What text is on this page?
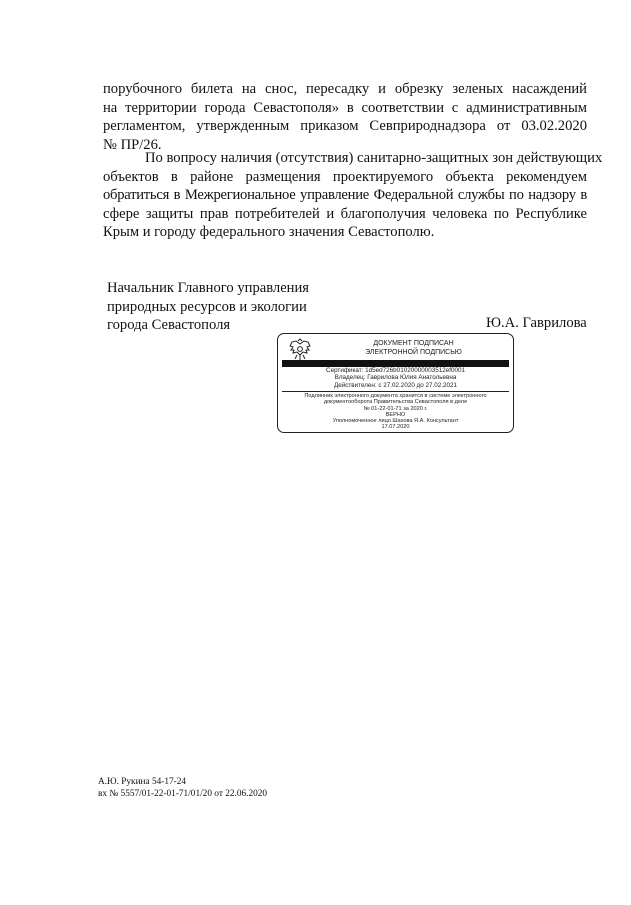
порубочного билета на снос, пересадку и обрезку зеленых насаждений
на территории города Севастополя» в соответствии с административным
регламентом, утвержденным приказом Севприроднадзора от 03.02.2020
№ ПР/26.
По вопросу наличия (отсутствия) санитарно-защитных зон действующих
объектов в районе размещения проектируемого объекта рекомендуем
обратиться в Межрегиональное управление Федеральной службы по надзору в
сфере защиты прав потребителей и благополучия человека по Республике
Крым и городу федерального значения Севастополю.
Начальник Главного управления
природных ресурсов и экологии
города Севастополя	Ю.А. Гаврилова
ДОКУМЕНТ ПОДПИСАН
ЭЛЕКТРОННОЙ ПОДПИСЬЮ
Сертификат: 1d5ed726b01020000003512ef0001
Владелец: Гаврилова Юлия Анатольевна
Действителен: с 27.02.2020 до 27.02.2021
Подлинник электронного документа хранится в системе электронного
документооборота Правительства Севастополя в деле
№ 01-22-01-71 за 2020 г.
ВЕРНО
Уполномоченное лицо Шахова Я.А. Консультант
17.07.2020
А.Ю. Рукина 54-17-24
вх № 5557/01-22-01-71/01/20 от 22.06.2020
